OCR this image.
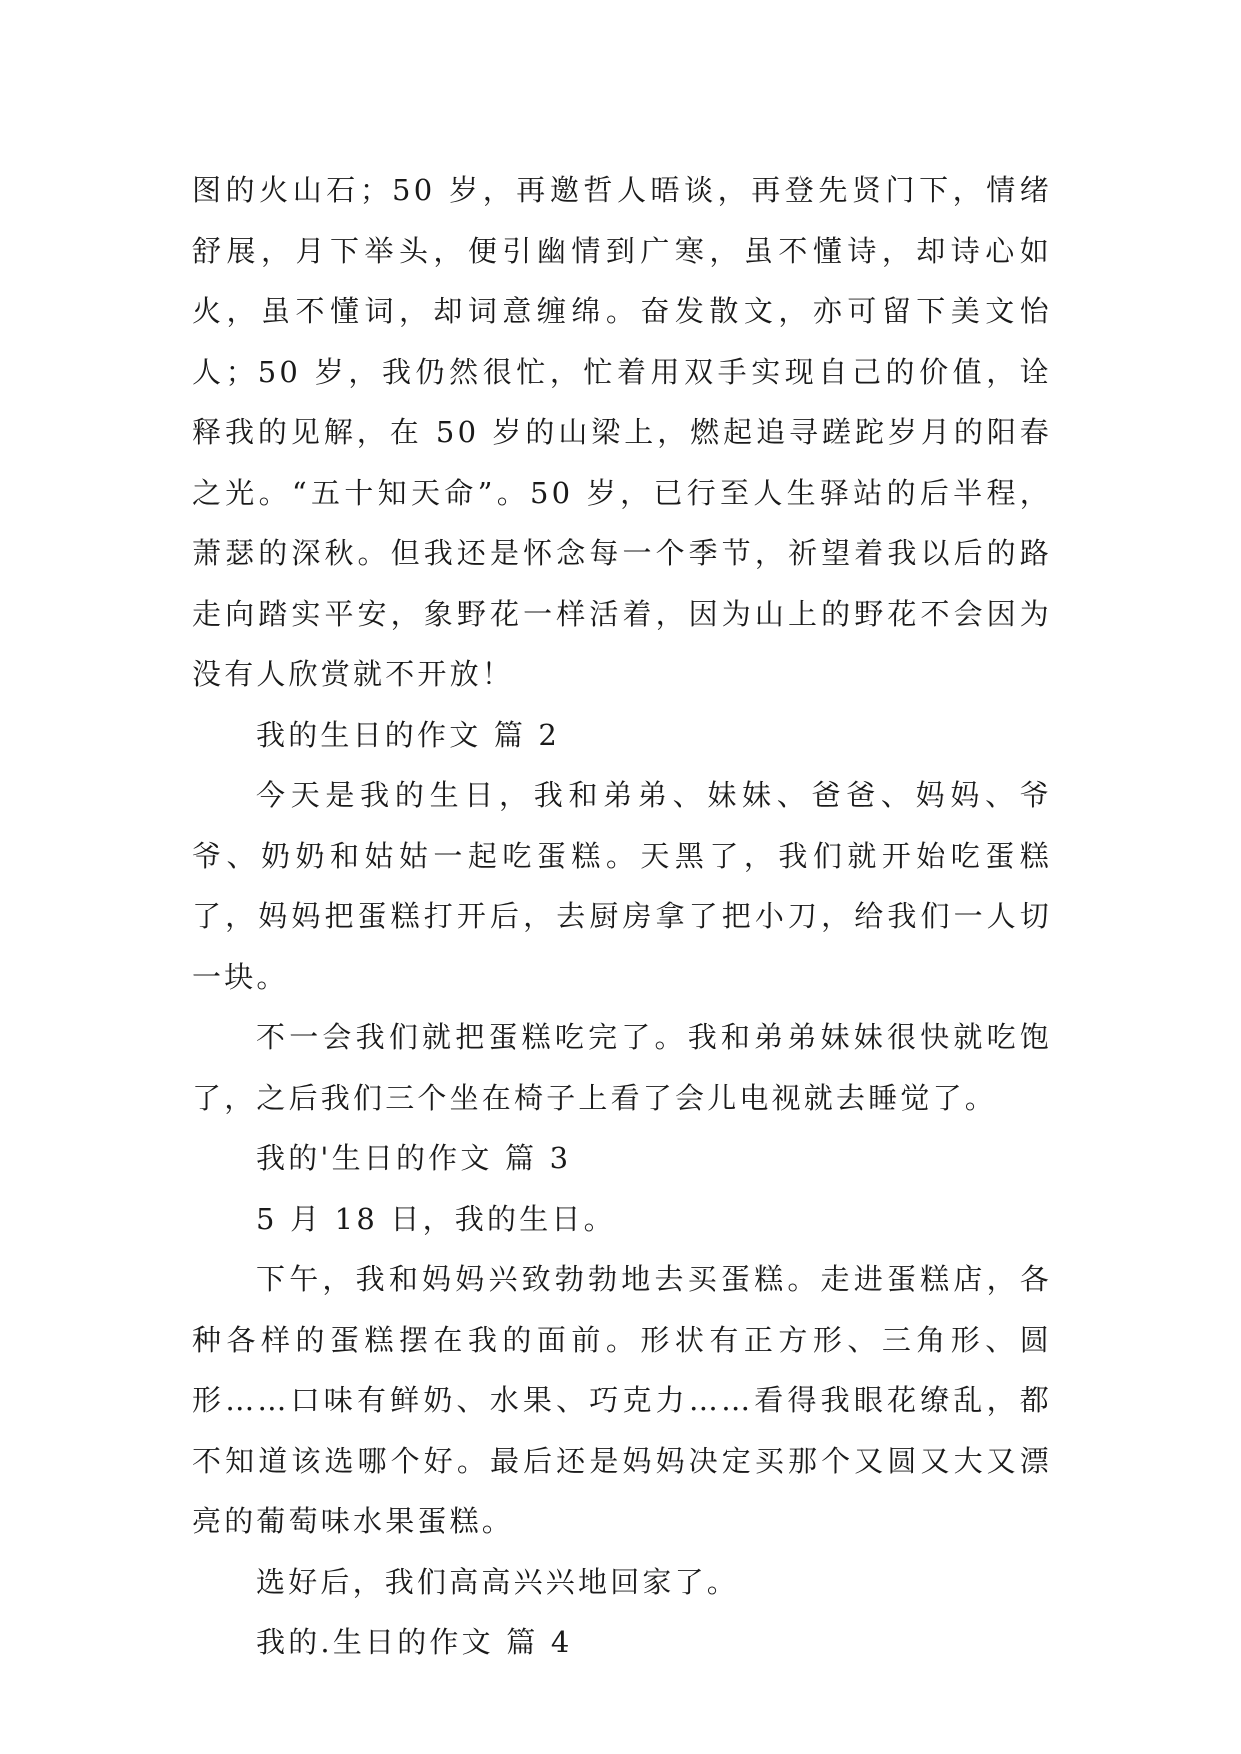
图的火山石；50 岁，再邀哲人晤谈，再登先贤门下，情绪舒展，月下举头，便引幽情到广寒，虽不懂诗，却诗心如火，虽不懂词，却词意缠绵。奋发散文，亦可留下美文怡人；50 岁，我仍然很忙，忙着用双手实现自己的价值，诠释我的见解，在 50 岁的山梁上，燃起追寻蹉跎岁月的阳春之光。“五十知天命”。50 岁，已行至人生驿站的后半程，萧瑟的深秋。但我还是怀念每一个季节，祈望着我以后的路走向踏实平安，象野花一样活着，因为山上的野花不会因为没有人欣赏就不开放！

我的生日的作文 篇 2

今天是我的生日，我和弟弟、妹妹、爸爸、妈妈、爷爷、奶奶和姑姑一起吃蛋糕。天黑了，我们就开始吃蛋糕了，妈妈把蛋糕打开后，去厨房拿了把小刀，给我们一人切一块。

不一会我们就把蛋糕吃完了。我和弟弟妹妹很快就吃饱了，之后我们三个坐在椅子上看了会儿电视就去睡觉了。

我的'生日的作文 篇 3

5 月 18 日，我的生日。

下午，我和妈妈兴致勃勃地去买蛋糕。走进蛋糕店，各种各样的蛋糕摆在我的面前。形状有正方形、三角形、圆形……口味有鲜奶、水果、巧克力……看得我眼花缭乱，都不知道该选哪个好。最后还是妈妈决定买那个又圆又大又漂亮的葡萄味水果蛋糕。

选好后，我们高高兴兴地回家了。

我的.生日的作文 篇 4
